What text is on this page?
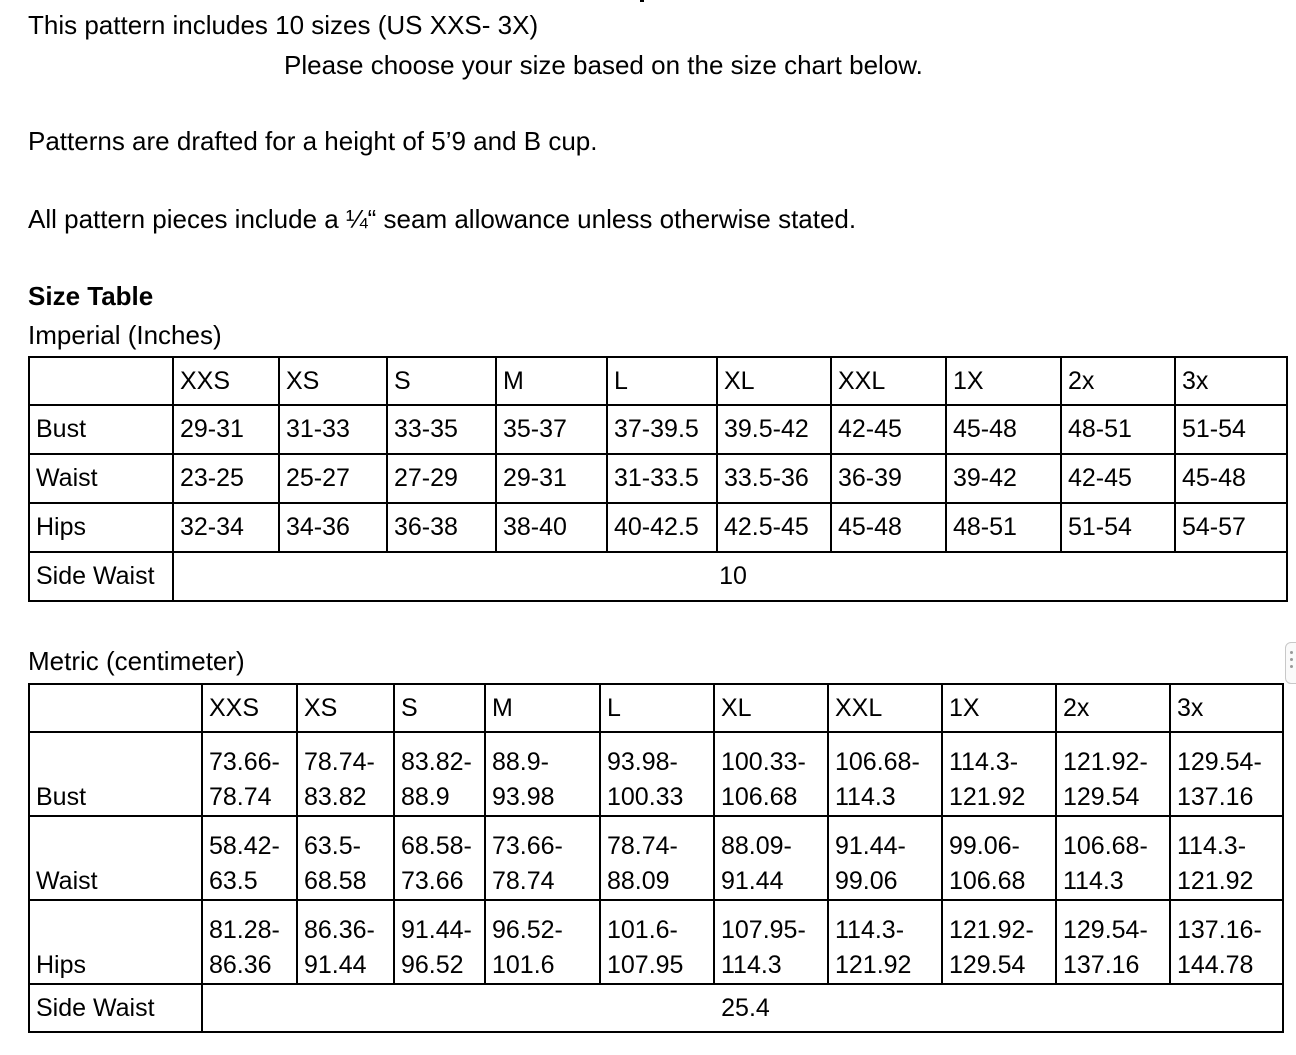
This pattern includes 10 sizes (US XXS- 3X)
Please choose your size based on the size chart below.
Patterns are drafted for a height of 5’9 and B cup.
All pattern pieces include a ¼“ seam allowance unless otherwise stated.
Size Table
Imperial (Inches)
	XXS	XS	S	M	L	XL	XXL	1X	2x	3x
Bust	29-31	31-33	33-35	35-37	37-39.5	39.5-42	42-45	45-48	48-51	51-54
Waist	23-25	25-27	27-29	29-31	31-33.5	33.5-36	36-39	39-42	42-45	45-48
Hips	32-34	34-36	36-38	38-40	40-42.5	42.5-45	45-48	48-51	51-54	54-57
Side Waist	10									
Metric (centimeter)
	XXS	XS	S	M	L	XL	XXL	1X	2x	3x
Bust	73.66- 78.74	78.74- 83.82	83.82- 88.9	88.9- 93.98	93.98- 100.33	100.33- 106.68	106.68- 114.3	114.3- 121.92	121.92- 129.54	129.54- 137.16
Waist	58.42- 63.5	63.5- 68.58	68.58- 73.66	73.66- 78.74	78.74- 88.09	88.09- 91.44	91.44- 99.06	99.06- 106.68	106.68- 114.3	114.3- 121.92
Hips	81.28- 86.36	86.36- 91.44	91.44- 96.52	96.52- 101.6	101.6- 107.95	107.95- 114.3	114.3- 121.92	121.92- 129.54	129.54- 137.16	137.16- 144.78
Side Waist	25.4									
